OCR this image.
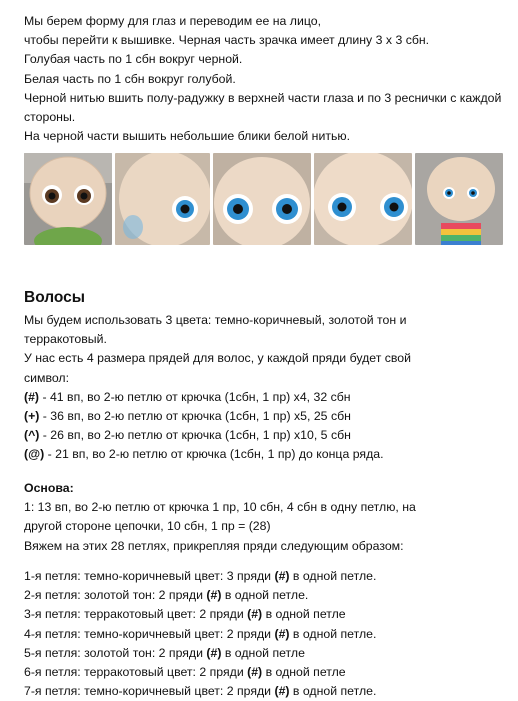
Мы берем форму для глаз и переводим ее на лицо,
чтобы перейти к вышивке. Черная часть зрачка имеет длину 3 x 3 сбн.
Голубая часть по 1 сбн вокруг черной.
Белая часть по 1 сбн вокруг голубой.
Черной нитью вшить полу-радужку в верхней части глаза и по 3 реснички с каждой
стороны.
На черной части вышить небольшие блики белой нитью.
Волосы
Мы будем использовать 3 цвета: темно-коричневый, золотой тон и
терракотовый.
У нас есть 4 размера прядей для волос, у каждой пряди будет свой
символ:
(#) - 41 вп, во 2-ю петлю от крючка (1сбн, 1 пр) x4, 32 сбн
(+) - 36 вп, во 2-ю петлю от крючка (1сбн, 1 пр) x5, 25 сбн
(^) - 26 вп, во 2-ю петлю от крючка (1сбн, 1 пр) x10, 5 сбн
(@) - 21 вп, во 2-ю петлю от крючка (1сбн, 1 пр) до конца ряда.
Основа:
1: 13 вп, во 2-ю петлю от крючка 1 пр, 10 сбн, 4 сбн в одну петлю, на
другой стороне цепочки, 10 сбн, 1 пр = (28)
Вяжем на этих 28 петлях, прикрепляя пряди следующим образом:
1-я петля: темно-коричневый цвет: 3 пряди (#) в одной петле.
2-я петля: золотой тон: 2 пряди (#) в одной петле.
3-я петля: терракотовый цвет: 2 пряди (#) в одной петле
4-я петля: темно-коричневый цвет: 2 пряди (#) в одной петле.
5-я петля: золотой тон: 2 пряди (#) в одной петле
6-я петля: терракотовый цвет: 2 пряди (#) в одной петле
7-я петля: темно-коричневый цвет: 2 пряди (#) в одной петле.
